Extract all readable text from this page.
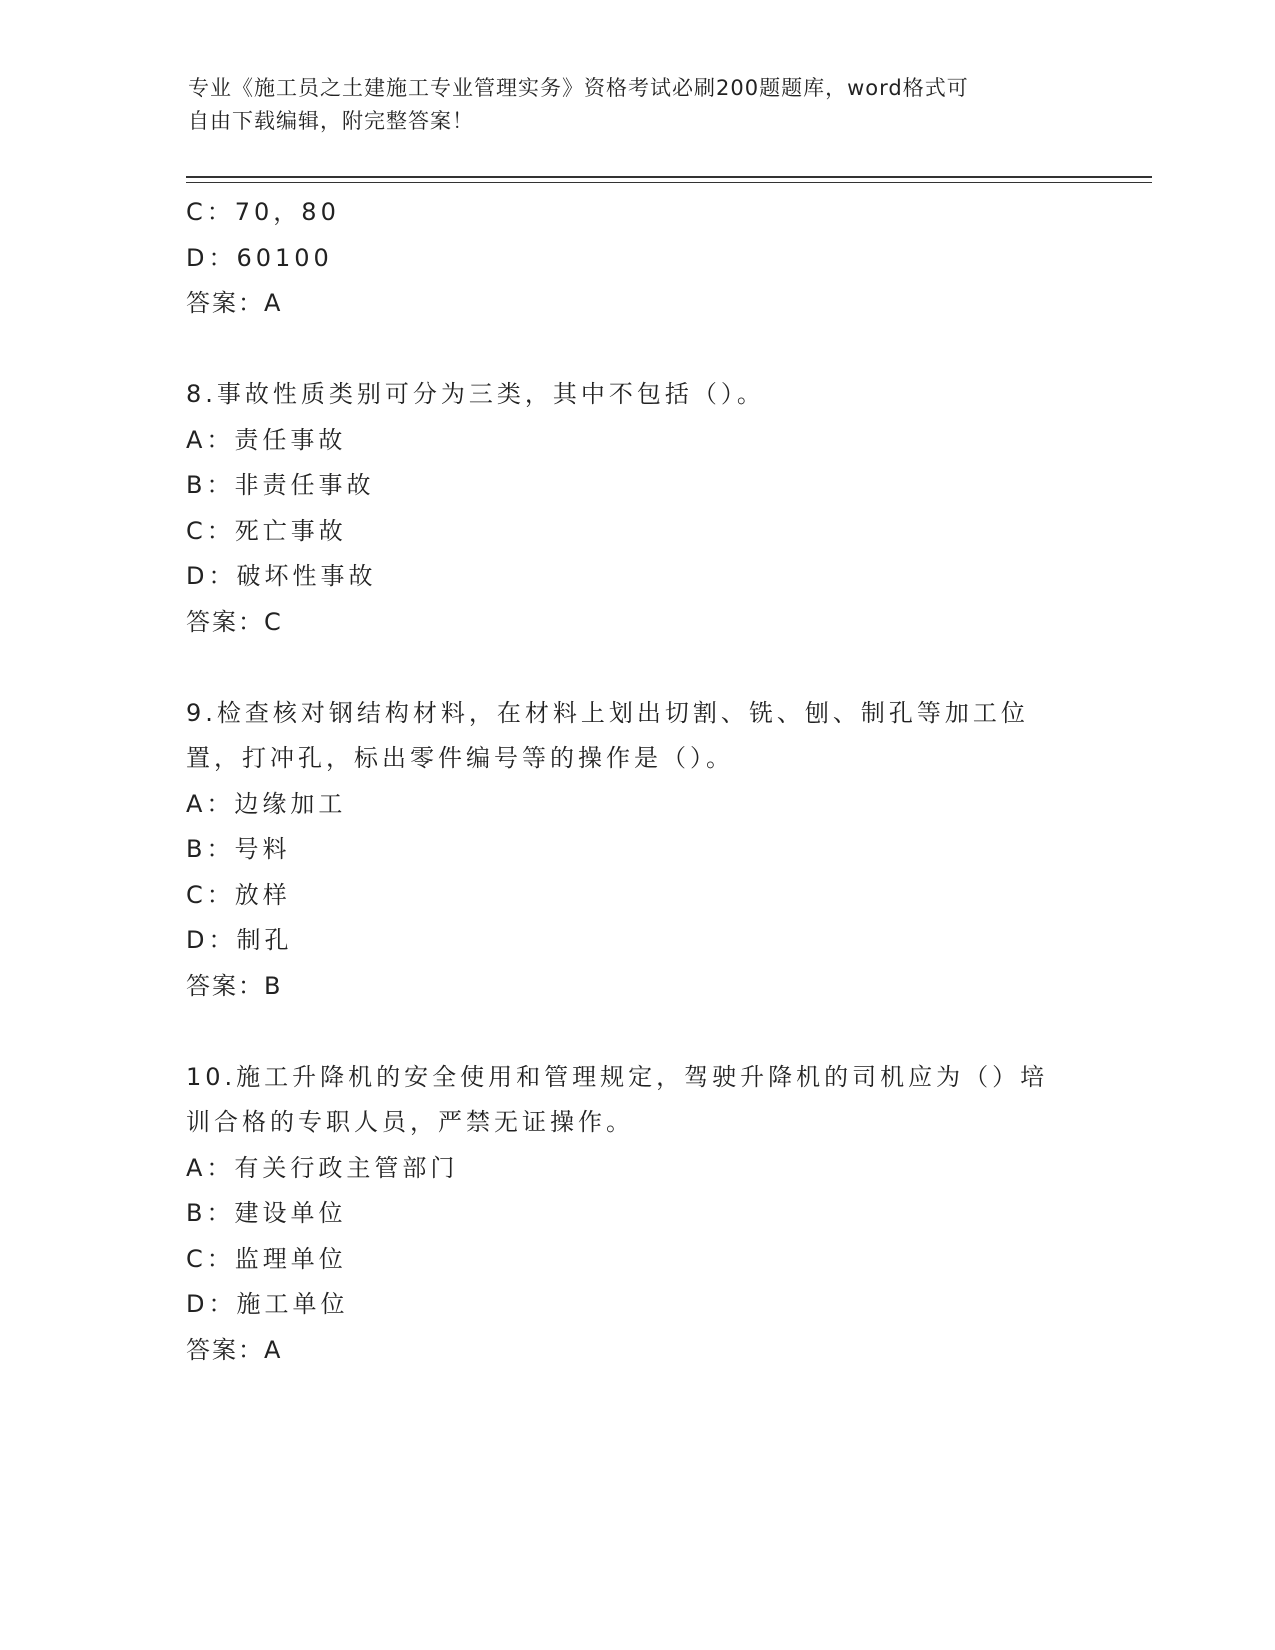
专业《施工员之土建施工专业管理实务》资格考试必刷200题题库，word格式可
自由下载编辑，附完整答案！
C：70，80
D：60100
答案：A
8.事故性质类别可分为三类，其中不包括（）。
A：责任事故
B：非责任事故
C：死亡事故
D：破坏性事故
答案：C
9.检查核对钢结构材料，在材料上划出切割、铣、刨、制孔等加工位
置，打冲孔，标出零件编号等的操作是（）。
A：边缘加工
B：号料
C：放样
D：制孔
答案：B
10.施工升降机的安全使用和管理规定，驾驶升降机的司机应为（）培
训合格的专职人员，严禁无证操作。
A：有关行政主管部门
B：建设单位
C：监理单位
D：施工单位
答案：A
